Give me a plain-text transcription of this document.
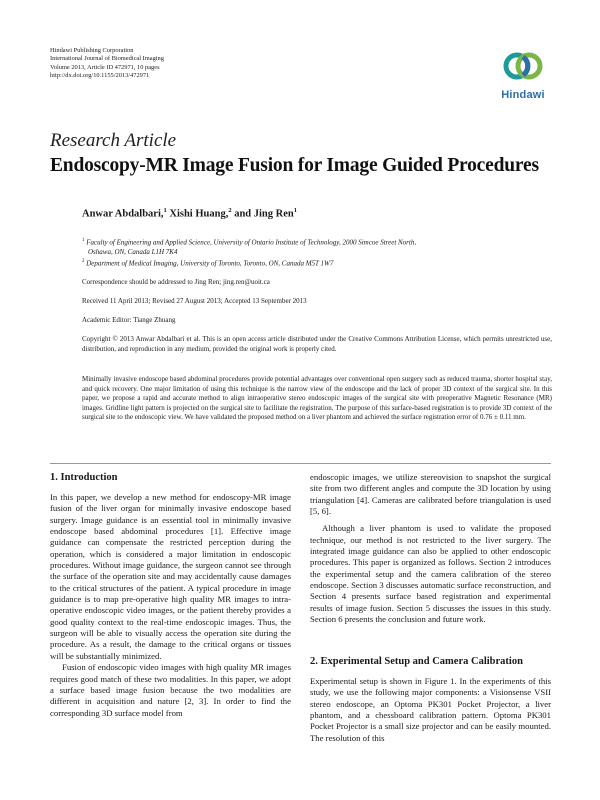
Hindawi Publishing Corporation
International Journal of Biomedical Imaging
Volume 2013, Article ID 472971, 10 pages
http://dx.doi.org/10.1155/2013/472971
Hindawi
Research Article
Endoscopy-MR Image Fusion for Image Guided Procedures
Anwar Abdalbari,$^1$ Xishi Huang,$^2$ and Jing Ren$^1$
$^1$ Faculty of Engineering and Applied Science, University of Ontario Institute of Technology, 2000 Simcoe Street North,
Oshawa, ON, Canada L1H 7K4
$^2$ Department of Medical Imaging, University of Toronto, Toronto, ON, Canada M5T 1W7
Correspondence should be addressed to Jing Ren; jing.ren@uoit.ca
Received 11 April 2013; Revised 27 August 2013; Accepted 13 September 2013
Academic Editor: Tiange Zhuang
Copyright © 2013 Anwar Abdalbari et al. This is an open access article distributed under the Creative Commons Attribution License, which permits unrestricted use, distribution, and reproduction in any medium, provided the original work is properly cited.
Minimally invasive endoscope based abdominal procedures provide potential advantages over conventional open surgery such as reduced trauma, shorter hospital stay, and quick recovery. One major limitation of using this technique is the narrow view of the endoscope and the lack of proper 3D context of the surgical site. In this paper, we propose a rapid and accurate method to align intraoperative stereo endoscopic images of the surgical site with preoperative Magnetic Resonance (MR) images. Gridline light pattern is projected on the surgical site to facilitate the registration. The purpose of this surface-based registration is to provide 3D context of the surgical site to the endoscopic view. We have validated the proposed method on a liver phantom and achieved the surface registration error of 0.76 ± 0.11 mm.
1. Introduction

In this paper, we develop a new method for endoscopy-MR image fusion of the liver organ for minimally invasive endoscope based surgery. Image guidance is an essential tool in minimally invasive endoscope based abdominal procedures [1]. Effective image guidance can compensate the restricted perception during the operation, which is considered a major limitation in endoscopic procedures. Without image guidance, the surgeon cannot see through the surface of the operation site and may accidentally cause damages to the critical structures of the patient. A typical procedure in image guidance is to map pre-operative high quality MR images to intra-operative endoscopic video images, or the patient thereby provides a good quality context to the real-time endoscopic images. Thus, the surgeon will be able to visually access the operation site during the procedure. As a result, the damage to the critical organs or tissues will be substantially minimized.

Fusion of endoscopic video images with high quality MR images requires good match of these two modalities. In this paper, we adopt a surface based image fusion because the two modalities are different in acquisition and nature [2, 3]. In order to find the corresponding 3D surface model from

endoscopic images, we utilize stereovision to snapshot the surgical site from two different angles and compute the 3D location by using triangulation [4]. Cameras are calibrated before triangulation is used [5, 6].

Although a liver phantom is used to validate the proposed technique, our method is not restricted to the liver surgery. The integrated image guidance can also be applied to other endoscopic procedures. This paper is organized as follows. Section 2 introduces the experimental setup and the camera calibration of the stereo endoscope. Section 3 discusses automatic surface reconstruction, and Section 4 presents surface based registration and experimental results of image fusion. Section 5 discusses the issues in this study. Section 6 presents the conclusion and future work.

2. Experimental Setup and Camera Calibration

Experimental setup is shown in Figure 1. In the experiments of this study, we use the following major components: a Visionsense VSII stereo endoscope, an Optoma PK301 Pocket Projector, a liver phantom, and a chessboard calibration pattern. Optoma PK301 Pocket Projector is a small size projector and can be easily mounted. The resolution of this
